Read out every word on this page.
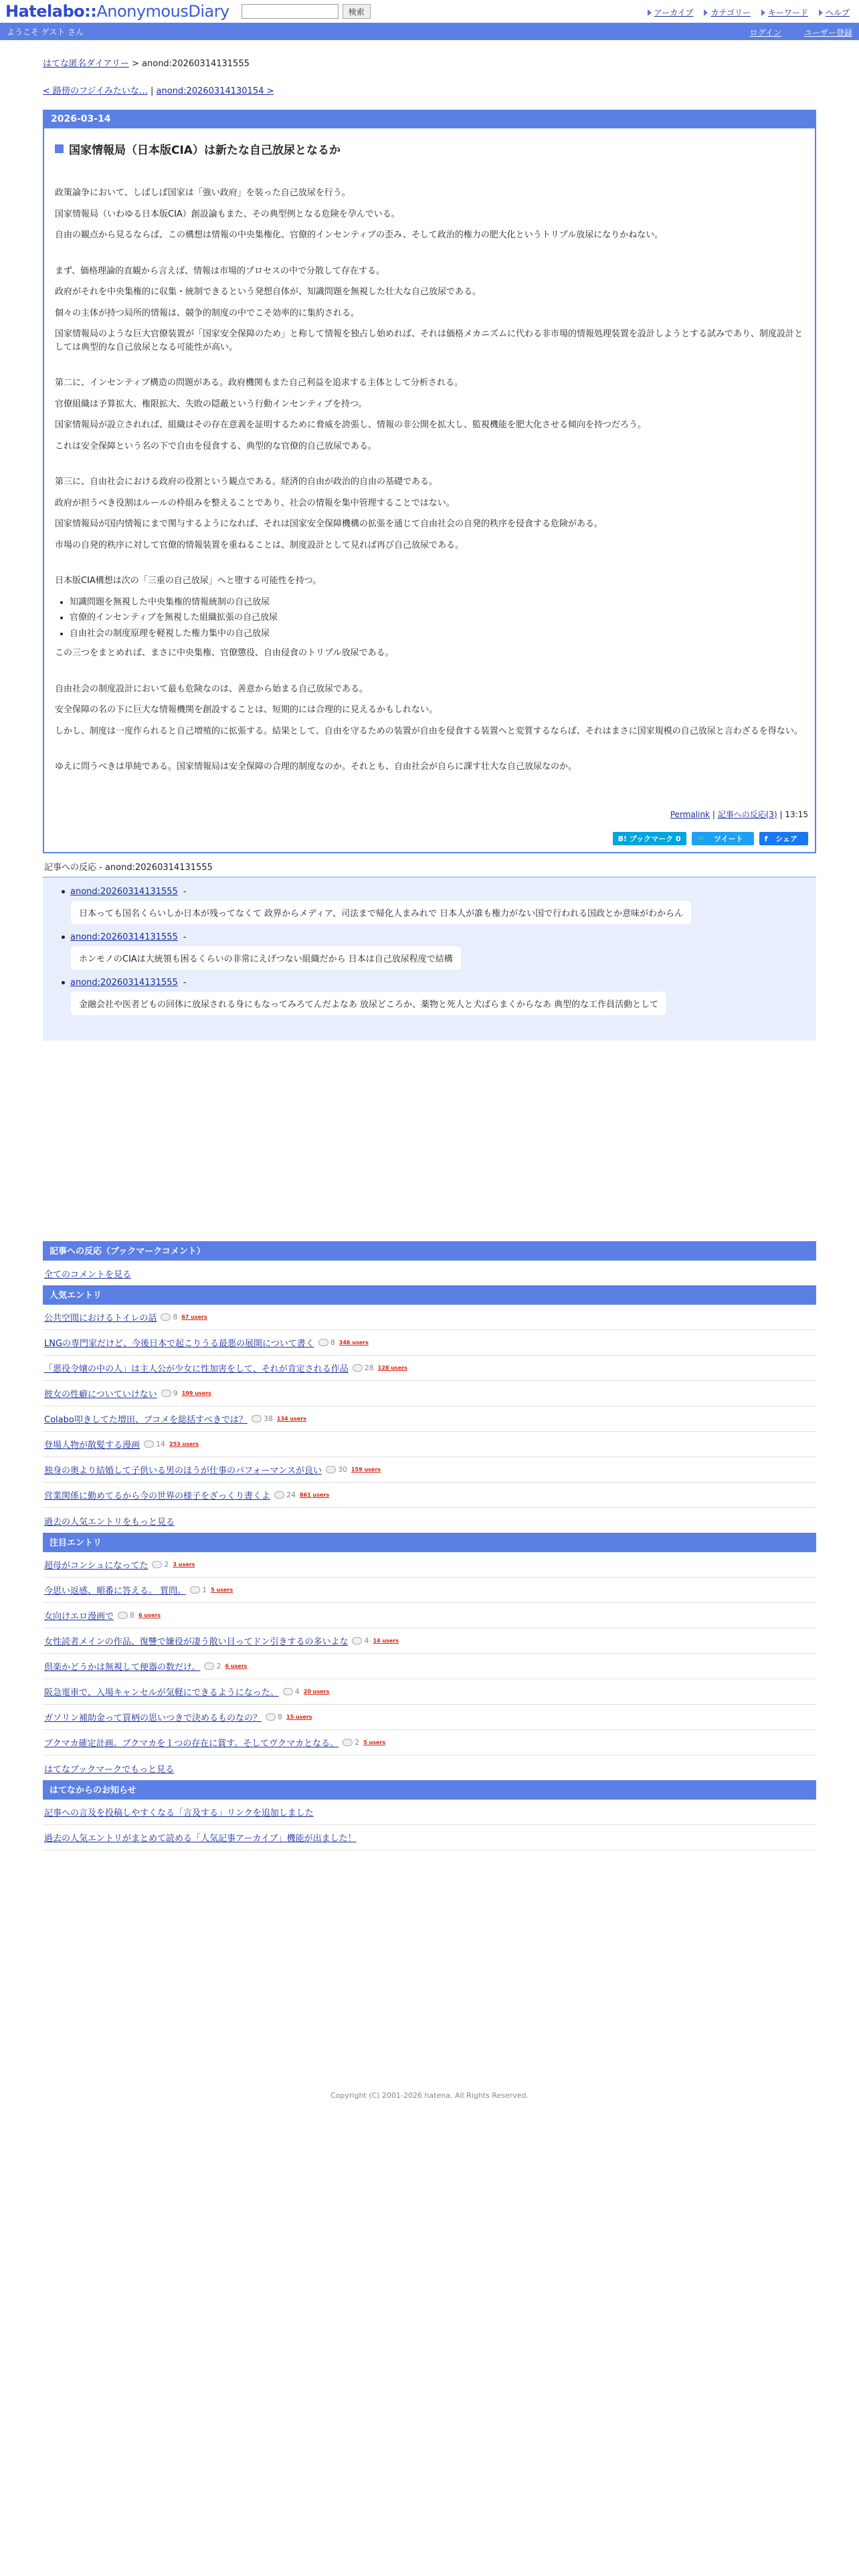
Hatelabo::AnonymousDiary	検索	アーカイブ カテゴリー キーワード ヘルプ
ようこそ ゲスト さん	ログイン	ユーザー登録
はてな匿名ダイアリー > anond:20260314131555
< 路傍のフジイみたいな… | anond:20260314130154 >
2026-03-14
国家情報局（日本版CIA）は新たな自己放尿となるか

政策論争において、しばしば国家は「強い政府」を装った自己放尿を行う。

国家情報局（いわゆる日本版CIA）創設論もまた、その典型例となる危険を孕んでいる。

自由の観点から見るならば、この構想は情報の中央集権化、官僚的インセンティブの歪み、そして政治的権力の肥大化というトリプル放尿になりかねない。

まず、価格理論的直観から言えば、情報は市場的プロセスの中で分散して存在する。

政府がそれを中央集権的に収集・統制できるという発想自体が、知識問題を無視した壮大な自己放尿である。

個々の主体が持つ局所的情報は、競争的制度の中でこそ効率的に集約される。

国家情報局のような巨大官僚装置が「国家安全保障のため」と称して情報を独占し始めれば、それは価格メカニズムに代わる非市場的情報処理装置を設計しようとする試みであり、制度設計としては典型的な自己放尿となる可能性が高い。

第二に、インセンティブ構造の問題がある。政府機関もまた自己利益を追求する主体として分析される。

官僚組織は予算拡大、権限拡大、失敗の隠蔽という行動インセンティブを持つ。

国家情報局が設立されれば、組織はその存在意義を証明するために脅威を誇張し、情報の非公開を拡大し、監視機能を肥大化させる傾向を持つだろう。

これは安全保障という名の下で自由を侵食する、典型的な官僚的自己放尿である。

第三に、自由社会における政府の役割という観点である。経済的自由が政治的自由の基礎である。

政府が担うべき役割はルールの枠組みを整えることであり、社会の情報を集中管理することではない。

国家情報局が国内情報にまで関与するようになれば、それは国家安全保障機構の拡張を通じて自由社会の自発的秩序を侵食する危険がある。

市場の自発的秩序に対して官僚的情報装置を重ねることは、制度設計として見れば再び自己放尿である。

日本版CIA構想は次の「三重の自己放尿」へと堕する可能性を持つ。

• 知識問題を無視した中央集権的情報統制の自己放尿
• 官僚的インセンティブを無視した組織拡張の自己放尿
• 自由社会の制度原理を軽視した権力集中の自己放尿

この三つをまとめれば、まさに中央集権、官僚懲役、自由侵食のトリプル放尿である。

自由社会の制度設計において最も危険なのは、善意から始まる自己放尿である。

安全保障の名の下に巨大な情報機関を創設することは、短期的には合理的に見えるかもしれない。

しかし、制度は一度作られると自己増殖的に拡張する。結果として、自由を守るための装置が自由を侵食する装置へと変質するならば、それはまさに国家規模の自己放尿と言わざるを得ない。

ゆえに問うべきは単純である。国家情報局は安全保障の合理的制度なのか。それとも、自由社会が自らに課す壮大な自己放尿なのか。

Permalink | 記事への反応(3) | 13:15
B! ブックマーク 0	🐦 ツイート	f シェア
記事への反応 - anond:20260314131555
anond:20260314131555 -
日本っても国名くらいしか日本が残ってなくて 政界からメディア、司法まで帰化人まみれで 日本人が誰も権力がない国で行われる国政とか意味がわからん
anond:20260314131555 -
ホンモノのCIAは大統領も困るくらいの非常にえげつない組織だから 日本は自己放尿程度で結構
anond:20260314131555 -
金融会社や医者どもの回体に放尿される身にもなってみろてんだよなあ 放尿どころか、薬物と死人と犬ばらまくからなあ 典型的な工作員活動として
記事への反応（ブックマークコメント）
全てのコメントを見る
人気エントリ
公共空間におけるトイレの話 8 67 users
LNGの専門家だけど、今後日本で起こりうる最悪の展開について書く 8 346 users
「悪役令嬢の中の人」は主人公が少女に性加害をして、それが肯定される作品 28 128 users
彼女の性癖についていけない 9 199 users
Colabo叩きしてた増田、ブコメを総括すべきでは？ 38 134 users
登場人物が散髪する漫画 14 253 users
独身の奥より結婚して子供いる男のほうが仕事のパフォーマンスが良い 30 159 users
営業関係に勤めてるから今の世界の様子をざっくり書くよ 24 861 users
過去の人気エントリをもっと見る
注目エントリ
超母がコンシュになってた 2 3 users
今思い返感、順番に答える。 質問。 1 5 users
女向けエロ漫画で 8 6 users
女性読者メインの作品、復讐で嫌役が凄う散い目ってドン引きするの多いよな 4 14 users
倶楽かどうかは無視して便器の数だけ。 2 6 users
阪急電車で、入場キャンセルが気軽にできるようになった。 4 20 users
ガソリン補助金って買柄の思いつきで決めるものなの？ 8 15 users
ブクマカ確定計画。ブクマカを１つの存在に賞す。そしてヴクマカとなる。 2 5 users
はてなブックマークでもっと見る
はてなからのお知らせ
記事への言及を投稿しやすくなる「言及する」リンクを追加しました
過去の人気エントリがまとめて読める「人気記事アーカイブ」機能が出ました！
Copyright (C) 2001-2026 hatena. All Rights Reserved.
